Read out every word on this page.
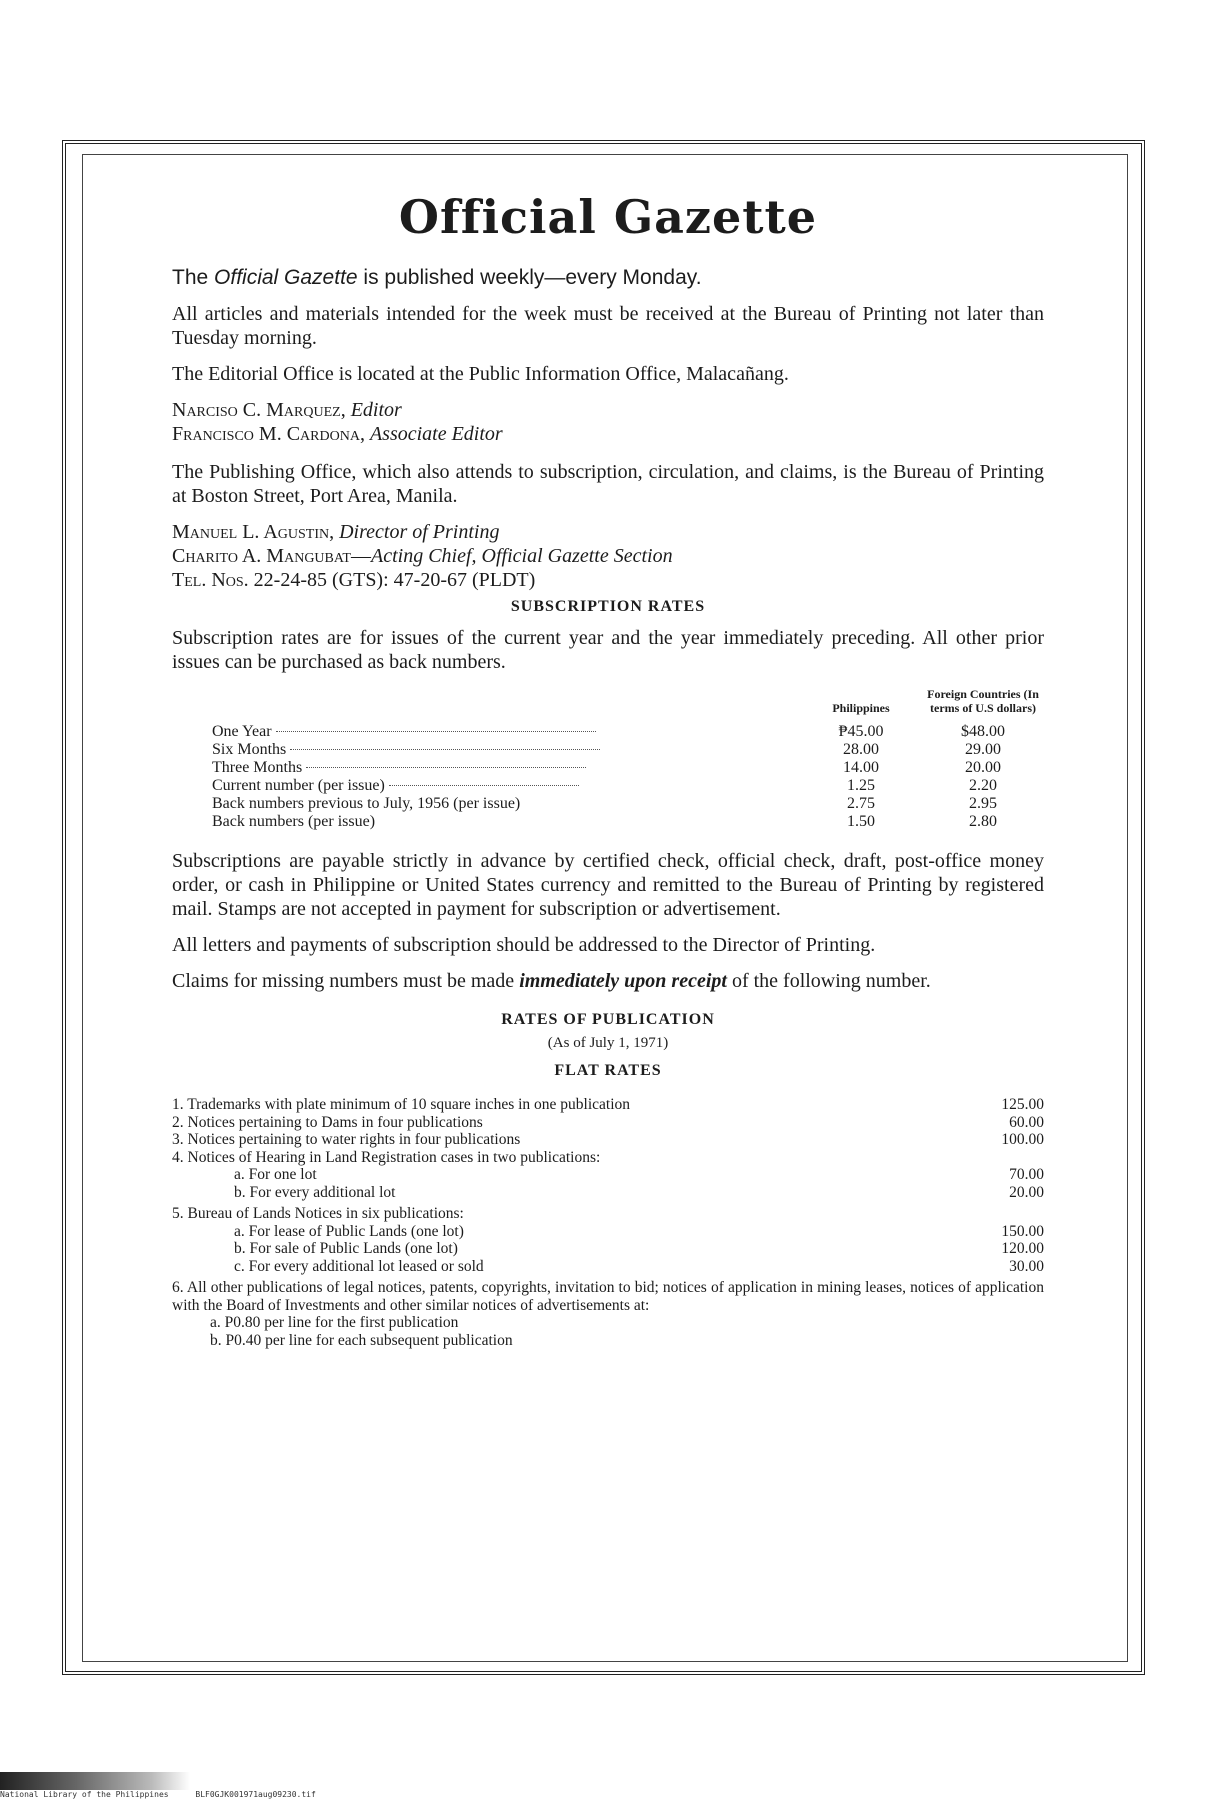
Official Gazette

The Official Gazette is published weekly—every Monday.

All articles and materials intended for the week must be received at the Bureau of Printing not later than Tuesday morning.

The Editorial Office is located at the Public Information Office, Malacañang.

Narciso C. Marquez, Editor
Francisco M. Cardona, Associate Editor

The Publishing Office, which also attends to subscription, circulation, and claims, is the Bureau of Printing at Boston Street, Port Area, Manila.

Manuel L. Agustin, Director of Printing
Charito A. Mangubat—Acting Chief, Official Gazette Section
Tel. Nos. 22-24-85 (GTS): 47-20-67 (PLDT)
SUBSCRIPTION RATES

Subscription rates are for issues of the current year and the year immediately preceding. All other prior issues can be purchased as back numbers.

	Philippines	Foreign Countries (In terms of U.S dollars)
One Year	₱45.00	$48.00
Six Months	28.00	29.00
Three Months	14.00	20.00
Current number (per issue)	1.25	2.20
Back numbers previous to July, 1956 (per issue)	2.75	2.95
Back numbers (per issue)	1.50	2.80

Subscriptions are payable strictly in advance by certified check, official check, draft, post-office money order, or cash in Philippine or United States currency and remitted to the Bureau of Printing by registered mail. Stamps are not accepted in payment for subscription or advertisement.

All letters and payments of subscription should be addressed to the Director of Printing.

Claims for missing numbers must be made immediately upon receipt of the following number.

RATES OF PUBLICATION
(As of July 1, 1971)
FLAT RATES
1. Trademarks with plate minimum of 10 square inches in one publication	125.00
2. Notices pertaining to Dams in four publications	60.00
3. Notices pertaining to water rights in four publications	100.00
4. Notices of Hearing in Land Registration cases in two publications:
a. For one lot	70.00
b. For every additional lot	20.00
5. Bureau of Lands Notices in six publications:
a. For lease of Public Lands (one lot)	150.00
b. For sale of Public Lands (one lot)	120.00
c. For every additional lot leased or sold	30.00
6. All other publications of legal notices, patents, copyrights, invitation to bid; notices of application in mining leases, notices of application with the Board of Investments and other similar notices of advertisements at:
a. P0.80 per line for the first publication
b. P0.40 per line for each subsequent publication
National Library of the Philippines	BLF0GJK001971aug09230.tif
